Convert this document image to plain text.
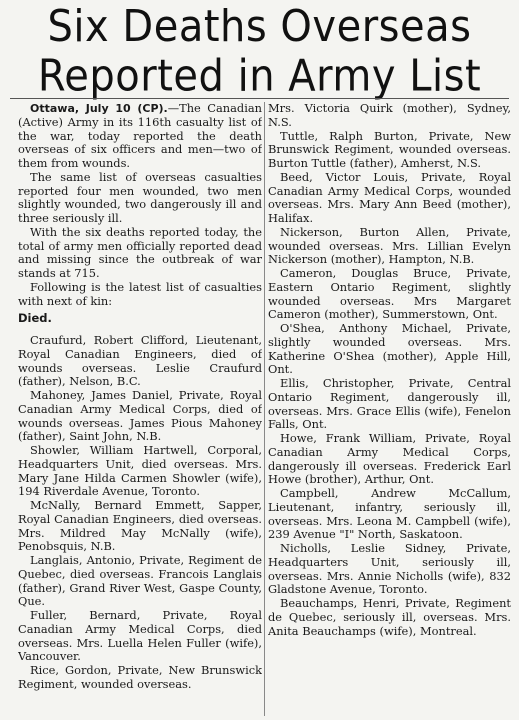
Six Deaths Overseas
Reported in Army List

Ottawa, July 10 (CP).—The Canadian (Active) Army in its 116th casualty list of the war, today reported the death overseas of six officers and men—two of them from wounds.

The same list of overseas casualties reported four men wounded, two men slightly wounded, two dangerously ill and three seriously ill.

With the six deaths reported today, the total of army men officially reported dead and missing since the outbreak of war stands at 715.

Following is the latest list of casualties with next of kin:

Died.

Craufurd, Robert Clifford, Lieutenant, Royal Canadian Engineers, died of wounds overseas. Leslie Craufurd (father), Nelson, B.C.

Mahoney, James Daniel, Private, Royal Canadian Army Medical Corps, died of wounds overseas. James Pious Mahoney (father), Saint John, N.B.

Showler, William Hartwell, Corporal, Headquarters Unit, died overseas. Mrs. Mary Jane Hilda Carmen Showler (wife), 194 Riverdale Avenue, Toronto.

McNally, Bernard Emmett, Sapper, Royal Canadian Engineers, died overseas. Mrs. Mildred May McNally (wife), Penobsquis, N.B.

Langlais, Antonio, Private, Regiment de Quebec, died overseas. Francois Langlais (father), Grand River West, Gaspe County, Que.

Fuller, Bernard, Private, Royal Canadian Army Medical Corps, died overseas. Mrs. Luella Helen Fuller (wife), Vancouver.

Rice, Gordon, Private, New Brunswick Regiment, wounded overseas.

Mrs. Victoria Quirk (mother), Sydney, N.S.

Tuttle, Ralph Burton, Private, New Brunswick Regiment, wounded overseas. Burton Tuttle (father), Amherst, N.S.

Beed, Victor Louis, Private, Royal Canadian Army Medical Corps, wounded overseas. Mrs. Mary Ann Beed (mother), Halifax.

Nickerson, Burton Allen, Private, wounded overseas. Mrs. Lillian Evelyn Nickerson (mother), Hampton, N.B.

Cameron, Douglas Bruce, Private, Eastern Ontario Regiment, slightly wounded overseas. Mrs Margaret Cameron (mother), Summerstown, Ont.

O'Shea, Anthony Michael, Private, slightly wounded overseas. Mrs. Katherine O'Shea (mother), Apple Hill, Ont.

Ellis, Christopher, Private, Central Ontario Regiment, dangerously ill, overseas. Mrs. Grace Ellis (wife), Fenelon Falls, Ont.

Howe, Frank William, Private, Royal Canadian Army Medical Corps, dangerously ill overseas. Frederick Earl Howe (brother), Arthur, Ont.

Campbell, Andrew McCallum, Lieutenant, infantry, seriously ill, overseas. Mrs. Leona M. Campbell (wife), 239 Avenue "I" North, Saskatoon.

Nicholls, Leslie Sidney, Private, Headquarters Unit, seriously ill, overseas. Mrs. Annie Nicholls (wife), 832 Gladstone Avenue, Toronto.

Beauchamps, Henri, Private, Regiment de Quebec, seriously ill, overseas. Mrs. Anita Beauchamps (wife), Montreal.
